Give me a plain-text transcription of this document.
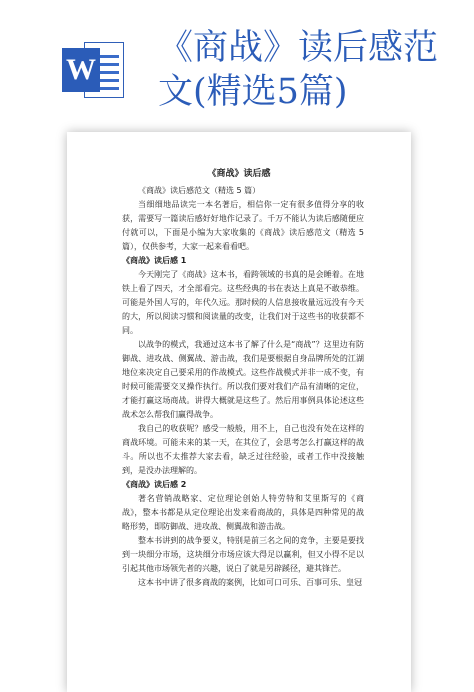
W
《商战》读后感范
文(精选5篇)
《商战》读后感

《商战》读后感范文（精选 5 篇）

当细细地品读完一本名著后，相信你一定有很多值得分享的收获，需要写一篇读后感好好地作记录了。千万不能认为读后感随便应付就可以，下面是小编为大家收集的《商战》读后感范文（精选 5 篇），仅供参考，大家一起来看看吧。

《商战》读后感 1

今天刚完了《商战》这本书，看跨领域的书真的是会睡着。在地铁上看了四天，才全部看完。这些经典的书在表达上真是不敢恭维。可能是外国人写的，年代久远。那时候的人信息接收量远远没有今天的大，所以阅读习惯和阅读量的改变，让我们对于这些书的收获都不同。

以战争的模式，我通过这本书了解了什么是“商战”？这里边有防御战、进攻战、侧翼战、游击战，我们是要根据自身品牌所处的江湖地位来决定自己要采用的作战模式。这些作战模式并非一成不变，有时候可能需要交叉操作执行。所以我们要对我们产品有清晰的定位，才能打赢这场商战。讲得大概就是这些了。然后用事例具体论述这些战术怎么帮我们赢得战争。

我自己的收获呢？感受一般般，用不上，自己也没有处在这样的商战环境。可能未来的某一天，在其位了，会思考怎么打赢这样的战斗。所以也不太推荐大家去看，缺乏过往经验，或者工作中没接触到，是没办法理解的。

《商战》读后感 2

著名营销战略家、定位理论创始人特劳特和艾里斯写的《商战》，整本书都是从定位理论出发来看商战的，具体是四种常见的战略形势，即防御战、进攻战、侧翼战和游击战。

整本书讲到的战争要义，特别是前三名之间的竞争，主要是要找到一块细分市场，这块细分市场应该大得足以赢利，但又小得不足以引起其他市场领先者的兴趣，说白了就是另辟蹊径，避其锋芒。

这本书中讲了很多商战的案例，比如可口可乐、百事可乐、皇冠
